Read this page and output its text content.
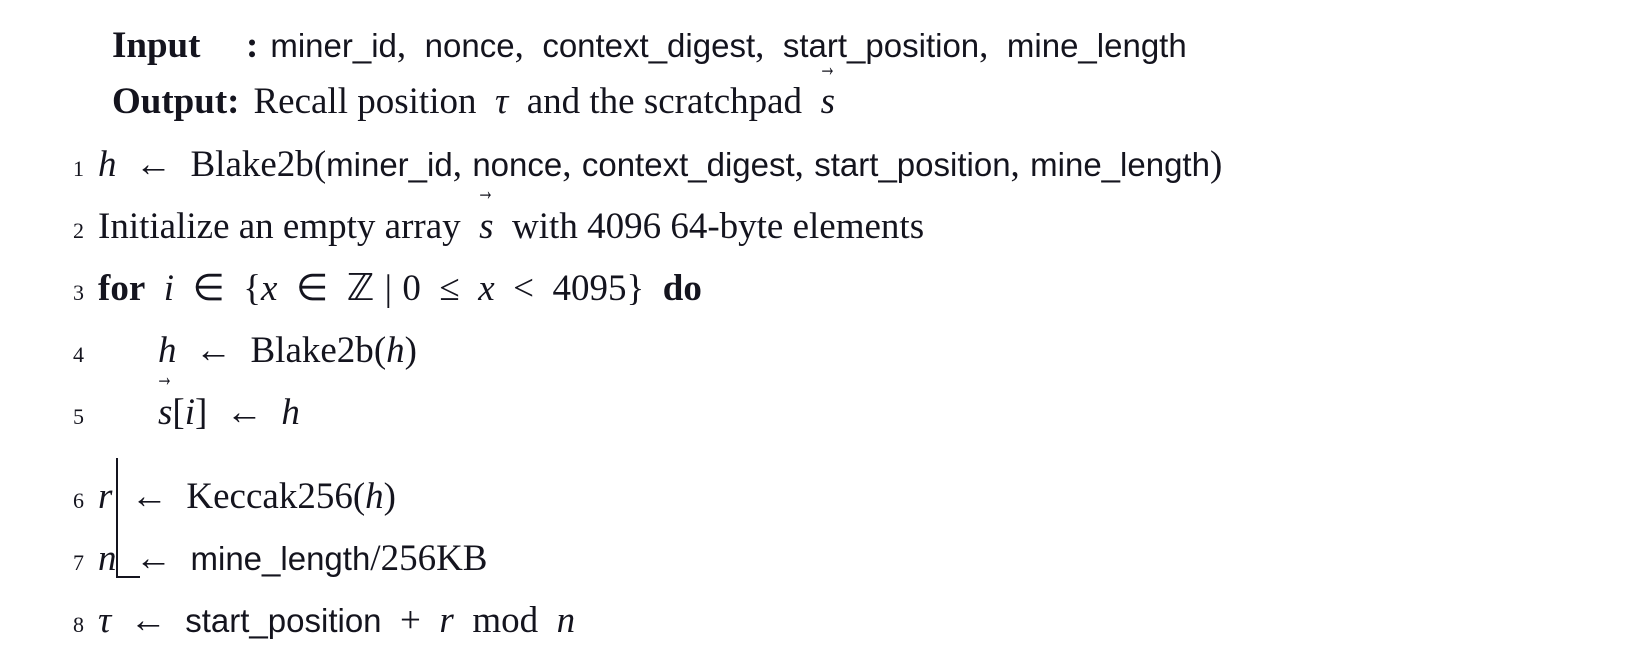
Input	: miner_id, nonce, context_digest, start_position, mine_length
Output: Recall position τ and the scratchpad s →
1 h ← Blake2b(miner_id, nonce, context_digest, start_position, mine_length)
2 Initialize an empty array s → with 4096 64-byte elements
3 for i ∈ {x ∈ ℤ | 0 ≤ x < 4095} do
4	h ← Blake2b(h)
5	s →[i] ← h
6 r ← Keccak256(h)
7 n ← mine_length/256KB
8 τ ← start_position + r mod n
